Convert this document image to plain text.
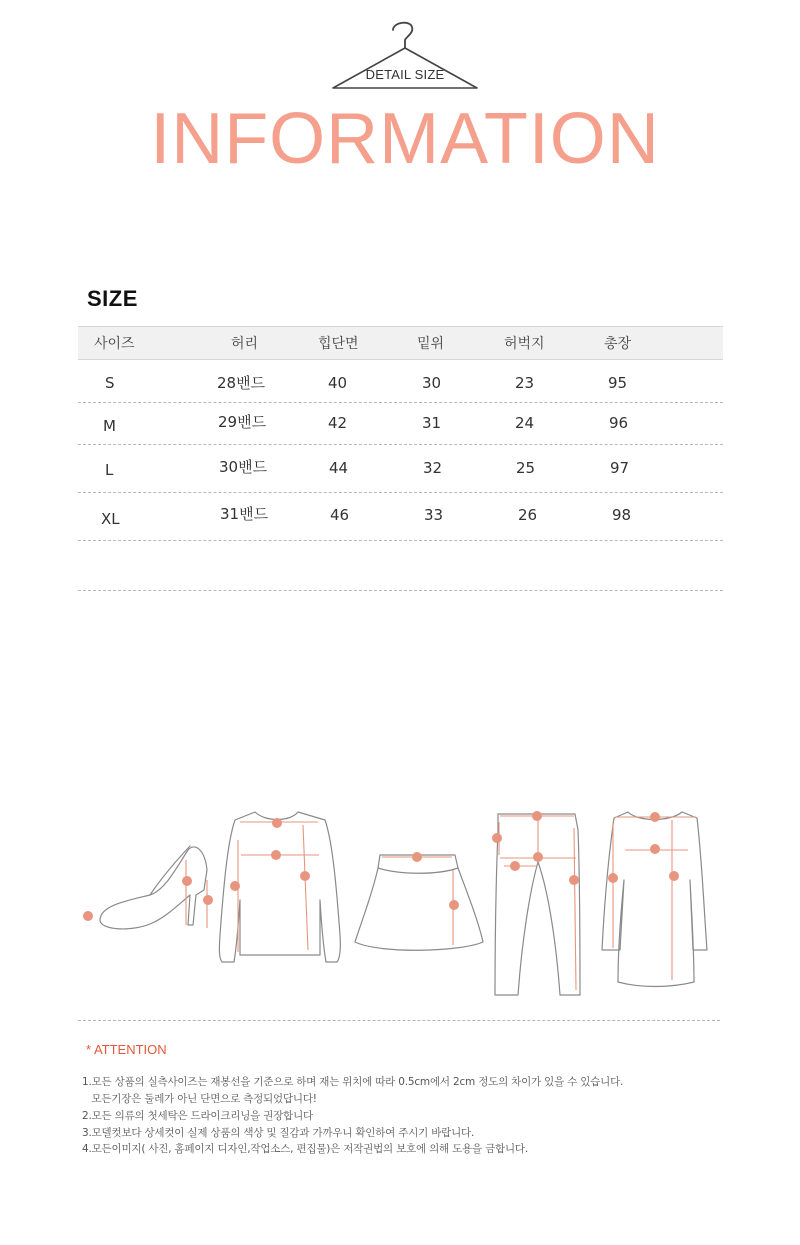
DETAIL SIZE
INFORMATION
SIZE
사이즈	허리	힙단면	밑위	허벅지	총장
S	28밴드	40	30	23	95
M	29밴드	42	31	24	96
L	30밴드	44	32	25	97
XL	31밴드	46	33	26	98
* ATTENTION
1.모든 상품의 실측사이즈는 재봉선을 기준으로 하며 재는 위치에 따라 0.5cm에서 2cm 정도의 차이가 있을 수 있습니다.
모든기장은 둘레가 아닌 단면으로 측정되었답니다!
2.모든 의류의 첫세탁은 드라이크리닝을 권장합니다
3.모델컷보다 상세컷이 실제 상품의 색상 및 질감과 가까우니 확인하여 주시기 바랍니다.
4.모든이미지( 사진, 홈페이지 디자인,작업소스, 편집물)은 저작권법의 보호에 의해 도용을 금합니다.
